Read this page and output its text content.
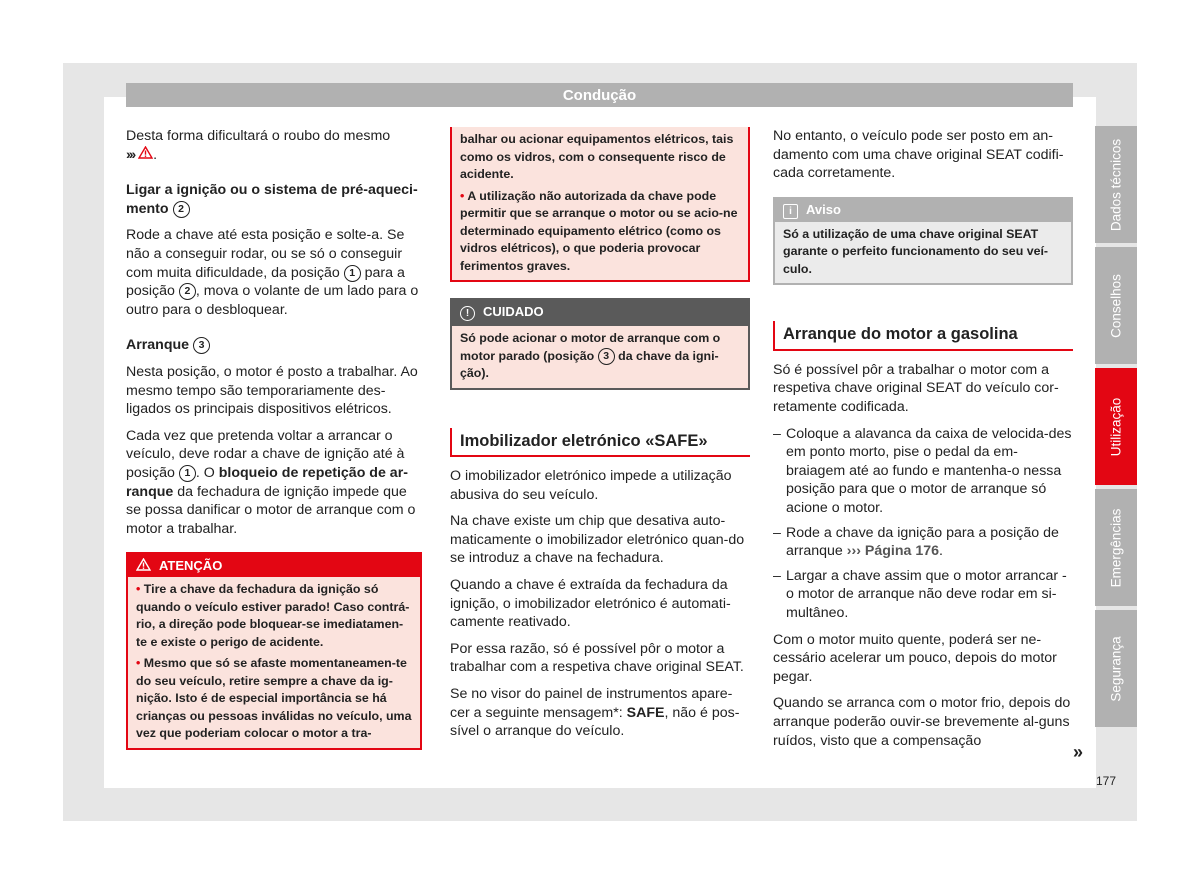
Condução

Desta forma dificultará o roubo do mesmo
››› .

Ligar a ignição ou o sistema de pré-aqueci-mento 2

Rode a chave até esta posição e solte-a. Se não a conseguir rodar, ou se só o conseguir com muita dificuldade, da posição 1 para a posição 2 , mova o volante de um lado para o outro para o desbloquear.

Arranque 3

Nesta posição, o motor é posto a trabalhar. Ao mesmo tempo são temporariamente des-ligados os principais dispositivos elétricos.

Cada vez que pretenda voltar a arrancar o veículo, deve rodar a chave de ignição até à posição 1 . O bloqueio de repetição de ar-ranque da fechadura de ignição impede que se possa danificar o motor de arranque com o motor a trabalhar.

ATENÇÃO

• Tire a chave da fechadura da ignição só quando o veículo estiver parado! Caso contrá-rio, a direção pode bloquear-se imediatamen-te e existe o perigo de acidente.

• Mesmo que só se afaste momentaneamen-te do seu veículo, retire sempre a chave da ig-nição. Isto é de especial importância se há crianças ou pessoas inválidas no veículo, uma vez que poderiam colocar o motor a tra-

balhar ou acionar equipamentos elétricos, tais como os vidros, com o consequente risco de acidente.

• A utilização não autorizada da chave pode permitir que se arranque o motor ou se acio-ne determinado equipamento elétrico (como os vidros elétricos), o que poderia provocar ferimentos graves.

! CUIDADO

Só pode acionar o motor de arranque com o motor parado (posição 3 da chave da igni-ção).

Imobilizador eletrónico «SAFE»

O imobilizador eletrónico impede a utilização abusiva do seu veículo.

Na chave existe um chip que desativa auto-maticamente o imobilizador eletrónico quan-do se introduz a chave na fechadura.

Quando a chave é extraída da fechadura da ignição, o imobilizador eletrónico é automati-camente reativado.

Por essa razão, só é possível pôr o motor a trabalhar com a respetiva chave original SEAT.

Se no visor do painel de instrumentos apare-cer a seguinte mensagem*: SAFE, não é pos-sível o arranque do veículo.

No entanto, o veículo pode ser posto em an-damento com uma chave original SEAT codifi-cada corretamente.

i Aviso

Só a utilização de uma chave original SEAT garante o perfeito funcionamento do seu veí-culo.

Arranque do motor a gasolina

Só é possível pôr a trabalhar o motor com a respetiva chave original SEAT do veículo cor-retamente codificada.

– Coloque a alavanca da caixa de velocida-des em ponto morto, pise o pedal da em-braiagem até ao fundo e mantenha-o nessa posição para que o motor de arranque só acione o motor.
– Rode a chave da ignição para a posição de arranque ››› Página 176.
– Largar a chave assim que o motor arrancar - o motor de arranque não deve rodar em si-multâneo.

Com o motor muito quente, poderá ser ne-cessário acelerar um pouco, depois do motor pegar.

Quando se arranca com o motor frio, depois do arranque poderão ouvir-se brevemente al-guns ruídos, visto que a compensação

»
Dados técnicos
Conselhos
Utilização
Emergências
Segurança
177
